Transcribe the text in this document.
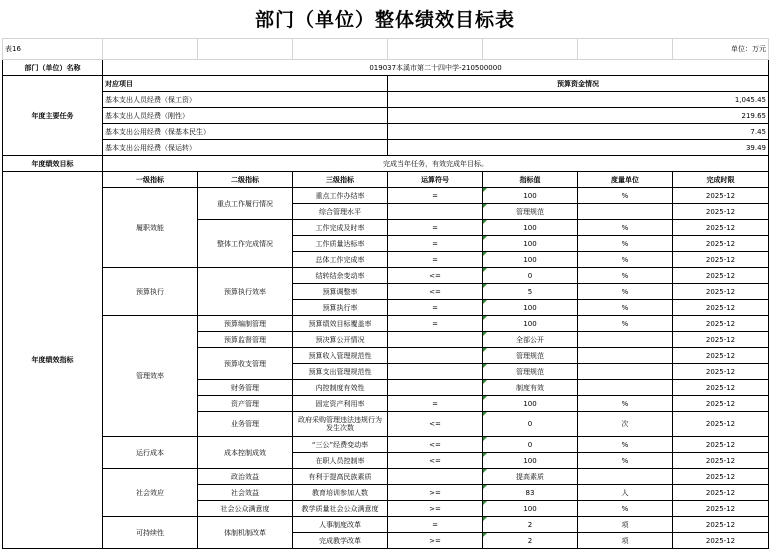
部门（单位）整体绩效目标表
表16							单位：万元
部门（单位）名称	019037本溪市第二十四中学-210500000						
年度主要任务	对应项目			预算资金情况			
	基本支出人员经费（保工资）			1,045.45			
	基本支出人员经费（刚性）			219.65			
	基本支出公用经费（保基本民生）			7.45			
	基本支出公用经费（保运转）			39.49			
年度绩效目标	完成当年任务，有效完成年目标。						
年度绩效指标	一级指标	二级指标	三级指标	运算符号	指标值	度量单位	完成时限
	履职效能	重点工作履行情况	重点工作办结率	=	100	%	2025-12
			综合管理水平		管理规范		2025-12
		整体工作完成情况	工作完成及时率	=	100	%	2025-12
			工作质量达标率	=	100	%	2025-12
			总体工作完成率	=	100	%	2025-12
	预算执行	预算执行效率	结转结余变动率	<=	0	%	2025-12
			预算调整率	<=	5	%	2025-12
			预算执行率	=	100	%	2025-12
	管理效率	预算编制管理	预算绩效目标覆盖率	=	100	%	2025-12
		预算监督管理	预决算公开情况		全部公开		2025-12
		预算收支管理	预算收入管理规范性		管理规范		2025-12
			预算支出管理规范性		管理规范		2025-12
		财务管理	内控制度有效性		制度有效		2025-12
		资产管理	固定资产利用率	=	100	%	2025-12
		业务管理	政府采购管理违法违规行为发生次数	<=	0	次	2025-12
	运行成本	成本控制成效	“三公”经费变动率	<=	0	%	2025-12
			在职人员控制率	<=	100	%	2025-12
	社会效应	政治效益	有利于提高民族素质		提高素质		2025-12
		社会效益	教育培训参加人数	>=	83	人	2025-12
		社会公众满意度	教学质量社会公众满意度	>=	100	%	2025-12
	可持续性	体制机制改革	人事制度改革	=	2	项	2025-12
			完成教学改革	>=	2	项	2025-12
